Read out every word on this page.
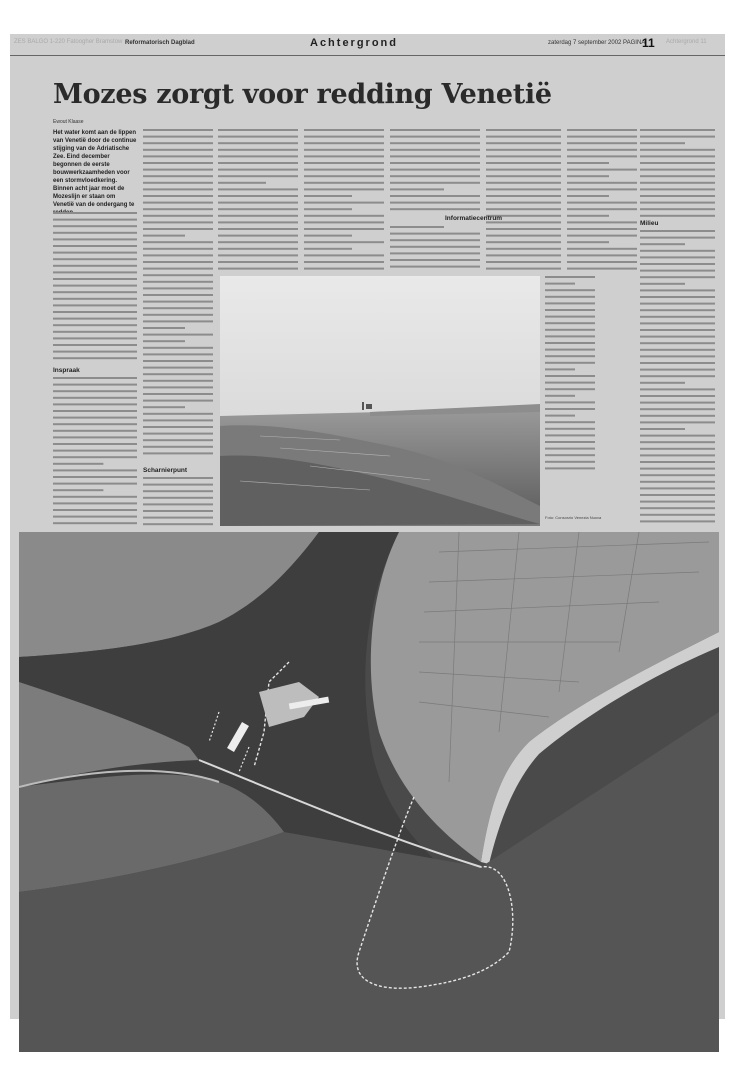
ZES BALGO 1-220 Fatoogher Bramstow Reformatorisch Dagblad	Achtergrond	zaterdag 7 september 2002 PAGINA
11 Achtergrond 11
Mozes zorgt voor redding Venetië
Ewout Klaase
Het water komt aan de lippen van Venetië door de continue stijging van de Adriatische Zee. Eind december begonnen de eerste bouwwerkzaamheden voor een stormvloedkering. Binnen acht jaar moet de Mozeslijn er staan om Venetië van de ondergang te
Inspraak
Scharnierpunt
Informatiecentrum
Milieu
Foto: Consorzio Venezia Nuova
